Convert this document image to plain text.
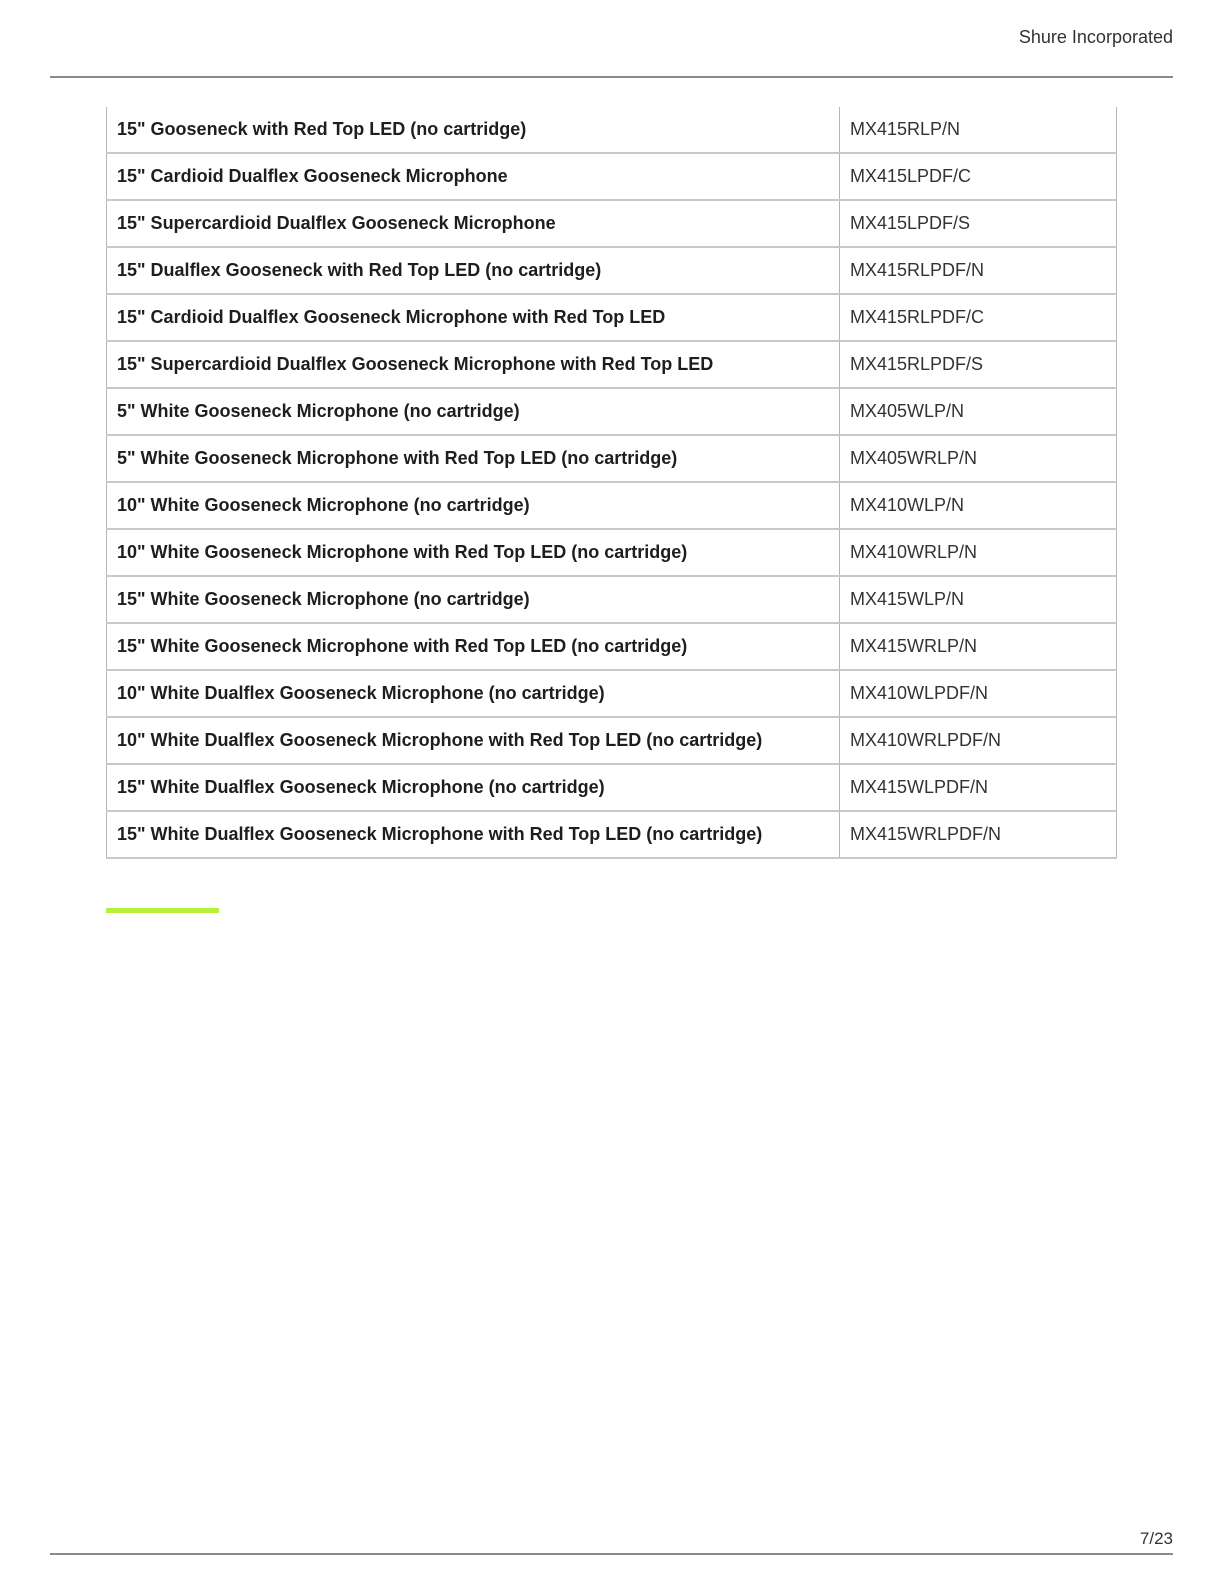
Shure Incorporated
15" Gooseneck with Red Top LED (no cartridge)	MX415RLP/N
15" Cardioid Dualflex Gooseneck Microphone	MX415LPDF/C
15" Supercardioid Dualflex Gooseneck Microphone	MX415LPDF/S
15" Dualflex Gooseneck with Red Top LED (no cartridge)	MX415RLPDF/N
15" Cardioid Dualflex Gooseneck Microphone with Red Top LED	MX415RLPDF/C
15" Supercardioid Dualflex Gooseneck Microphone with Red Top LED	MX415RLPDF/S
5" White Gooseneck Microphone (no cartridge)	MX405WLP/N
5" White Gooseneck Microphone with Red Top LED (no cartridge)	MX405WRLP/N
10" White Gooseneck Microphone (no cartridge)	MX410WLP/N
10" White Gooseneck Microphone with Red Top LED (no cartridge)	MX410WRLP/N
15" White Gooseneck Microphone (no cartridge)	MX415WLP/N
15" White Gooseneck Microphone with Red Top LED (no cartridge)	MX415WRLP/N
10" White Dualflex Gooseneck Microphone (no cartridge)	MX410WLPDF/N
10" White Dualflex Gooseneck Microphone with Red Top LED (no cartridge)	MX410WRLPDF/N
15" White Dualflex Gooseneck Microphone (no cartridge)	MX415WLPDF/N
15" White Dualflex Gooseneck Microphone with Red Top LED (no cartridge)	MX415WRLPDF/N
7/23
